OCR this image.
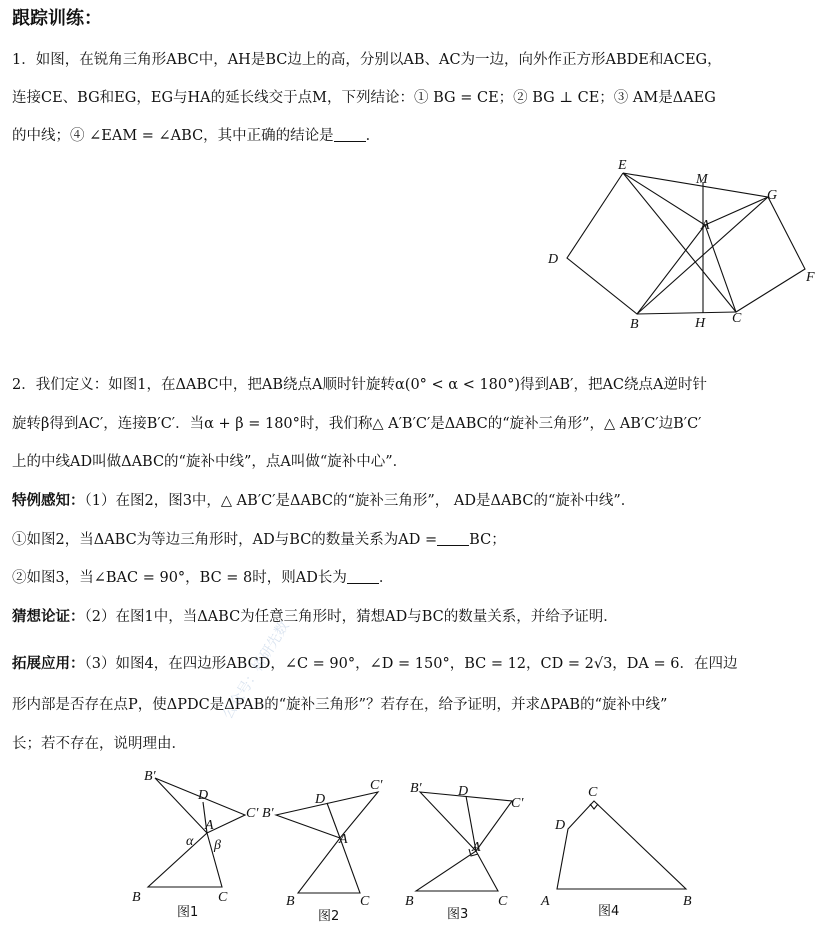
跟踪训练：
1．如图，在锐角三角形ABC中，AH是BC边上的高，分别以AB、AC为一边，向外作正方形ABDE和ACEG，
连接CE、BG和EG，EG与HA的延长线交于点M，下列结论：① BG = CE；② BG ⊥ CE；③ AM是ΔAEG
的中线；④ ∠EAM = ∠ABC，其中正确的结论是 ．
E
M
G
A
D
F
B	H C
2．我们定义：如图1，在ΔABC中，把AB绕点A顺时针旋转α(0° < α < 180°)得到AB′，把AC绕点A逆时针
旋转β得到AC′，连接B′C′．当α + β = 180°时，我们称△ A′B′C′是ΔABC的“旋补三角形”，△ AB′C′边B′C′
上的中线AD叫做ΔABC的“旋补中线”，点A叫做“旋补中心”．
特例感知：（1）在图2，图3中，△ AB′C′是ΔABC的“旋补三角形”， AD是ΔABC的“旋补中线”．
①如图2，当ΔABC为等边三角形时，AD与BC的数量关系为AD = BC；
②如图3，当∠BAC = 90°，BC = 8时，则AD长为 ．
猜想论证：（2）在图1中，当ΔABC为任意三角形时，猜想AD与BC的数量关系，并给予证明．
拓展应用：（3）如图4，在四边形ABCD，∠C = 90°，∠D = 150°，BC = 12，CD = 2√3，DA = 6．在四边
形内部是否存在点P，使ΔPDC是ΔPAB的“旋补三角形”？若存在，给予证明，并求ΔPAB的“旋补中线”
长；若不存在，说明理由．
公众号：桥研先数
B′
D
C′
A
α β
B	C
图1
B′
D
C′
A
B	C
图2
B′	D
C′
A
B	C
图3
C
D
A	B
图4
